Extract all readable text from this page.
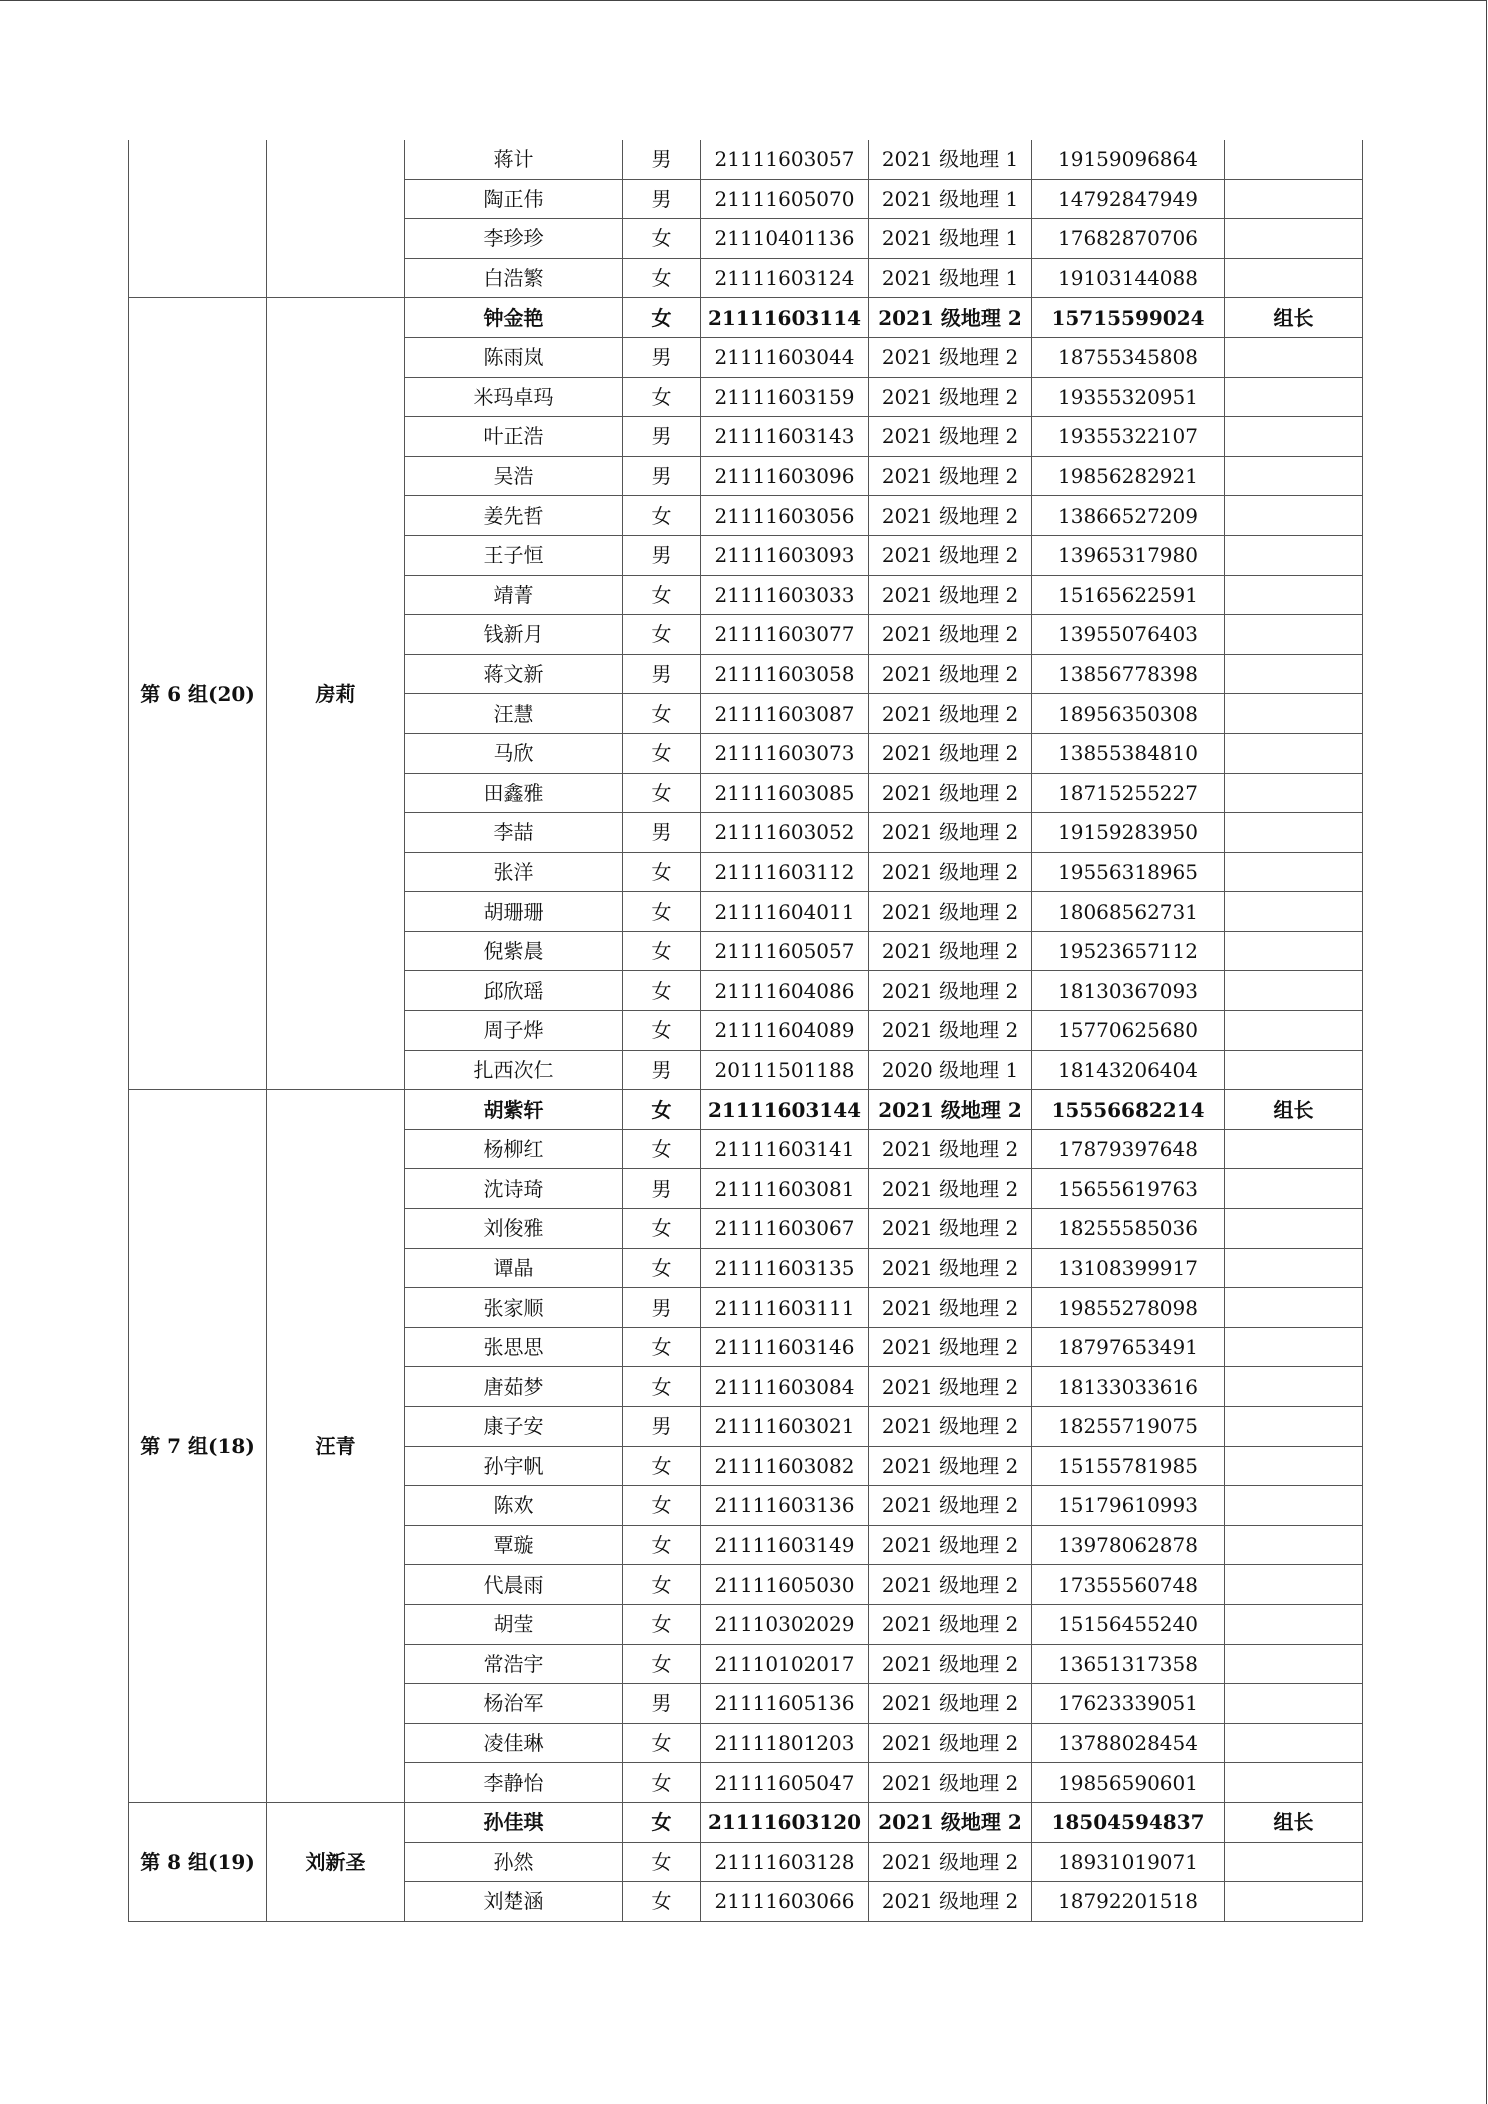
		蒋计	男	21111603057	2021 级地理 1	19159096864	
		陶正伟	男	21111605070	2021 级地理 1	14792847949	
		李珍珍	女	21110401136	2021 级地理 1	17682870706	
		白浩繁	女	21111603124	2021 级地理 1	19103144088	
第 6 组(20)	房莉	钟金艳	女	21111603114	2021 级地理 2	15715599024	组长
		陈雨岚	男	21111603044	2021 级地理 2	18755345808	
		米玛卓玛	女	21111603159	2021 级地理 2	19355320951	
		叶正浩	男	21111603143	2021 级地理 2	19355322107	
		吴浩	男	21111603096	2021 级地理 2	19856282921	
		姜先哲	女	21111603056	2021 级地理 2	13866527209	
		王子恒	男	21111603093	2021 级地理 2	13965317980	
		靖菁	女	21111603033	2021 级地理 2	15165622591	
		钱新月	女	21111603077	2021 级地理 2	13955076403	
		蒋文新	男	21111603058	2021 级地理 2	13856778398	
		汪慧	女	21111603087	2021 级地理 2	18956350308	
		马欣	女	21111603073	2021 级地理 2	13855384810	
		田鑫雅	女	21111603085	2021 级地理 2	18715255227	
		李喆	男	21111603052	2021 级地理 2	19159283950	
		张洋	女	21111603112	2021 级地理 2	19556318965	
		胡珊珊	女	21111604011	2021 级地理 2	18068562731	
		倪紫晨	女	21111605057	2021 级地理 2	19523657112	
		邱欣瑶	女	21111604086	2021 级地理 2	18130367093	
		周子烨	女	21111604089	2021 级地理 2	15770625680	
		扎西次仁	男	20111501188	2020 级地理 1	18143206404	
第 7 组(18)	汪青	胡紫轩	女	21111603144	2021 级地理 2	15556682214	组长
		杨柳红	女	21111603141	2021 级地理 2	17879397648	
		沈诗琦	男	21111603081	2021 级地理 2	15655619763	
		刘俊雅	女	21111603067	2021 级地理 2	18255585036	
		谭晶	女	21111603135	2021 级地理 2	13108399917	
		张家顺	男	21111603111	2021 级地理 2	19855278098	
		张思思	女	21111603146	2021 级地理 2	18797653491	
		唐茹梦	女	21111603084	2021 级地理 2	18133033616	
		康子安	男	21111603021	2021 级地理 2	18255719075	
		孙宇帆	女	21111603082	2021 级地理 2	15155781985	
		陈欢	女	21111603136	2021 级地理 2	15179610993	
		覃璇	女	21111603149	2021 级地理 2	13978062878	
		代晨雨	女	21111605030	2021 级地理 2	17355560748	
		胡莹	女	21110302029	2021 级地理 2	15156455240	
		常浩宇	女	21110102017	2021 级地理 2	13651317358	
		杨治军	男	21111605136	2021 级地理 2	17623339051	
		凌佳琳	女	21111801203	2021 级地理 2	13788028454	
		李静怡	女	21111605047	2021 级地理 2	19856590601	
第 8 组(19)	刘新圣	孙佳琪	女	21111603120	2021 级地理 2	18504594837	组长
		孙然	女	21111603128	2021 级地理 2	18931019071	
		刘楚涵	女	21111603066	2021 级地理 2	18792201518	
